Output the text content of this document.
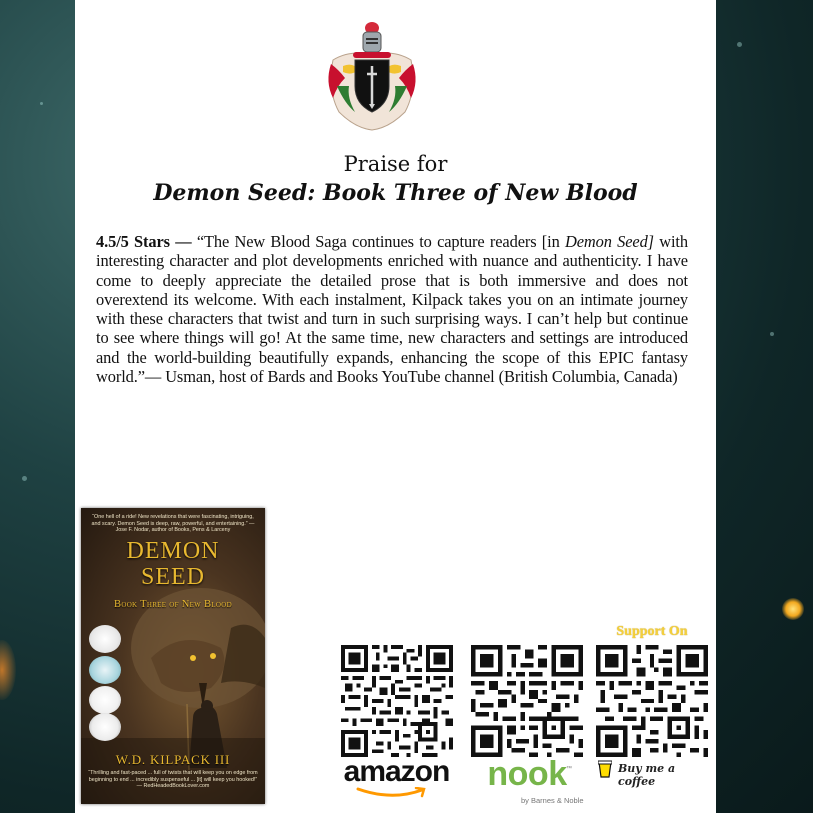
Praise for
Demon Seed: Book Three of New Blood
4.5/5 Stars — “The New Blood Saga continues to capture readers [in Demon Seed] with interesting character and plot developments enriched with nuance and authenticity. I have come to deeply appreciate the detailed prose that is both immersive and does not overextend its welcome. With each instalment, Kilpack takes you on an intimate journey with these characters that twist and turn in such surprising ways. I can’t help but continue to see where things will go! At the same time, new characters and settings are introduced and the world-building beautifully expands, enhancing the scope of this EPIC fantasy world.”— Usman, host of Bards and Books YouTube channel (British Columbia, Canada)
“One hell of a ride! New revelations that were fascinating, intriguing, and scary. Demon Seed is deep, raw, powerful, and entertaining.” — Jose F. Nodar, author of Books, Pens & Larceny
DEMON
SEED
Book Three of New Blood
W.D. KILPACK III
“Thrilling and fast-paced ... full of twists that will keep you on edge from beginning to end ... incredibly suspenseful ... [it] will keep you hooked!” — RedHeadedBookLover.com
Support On
amazon	nook ™
by Barnes & Noble
Buy me a coffee
